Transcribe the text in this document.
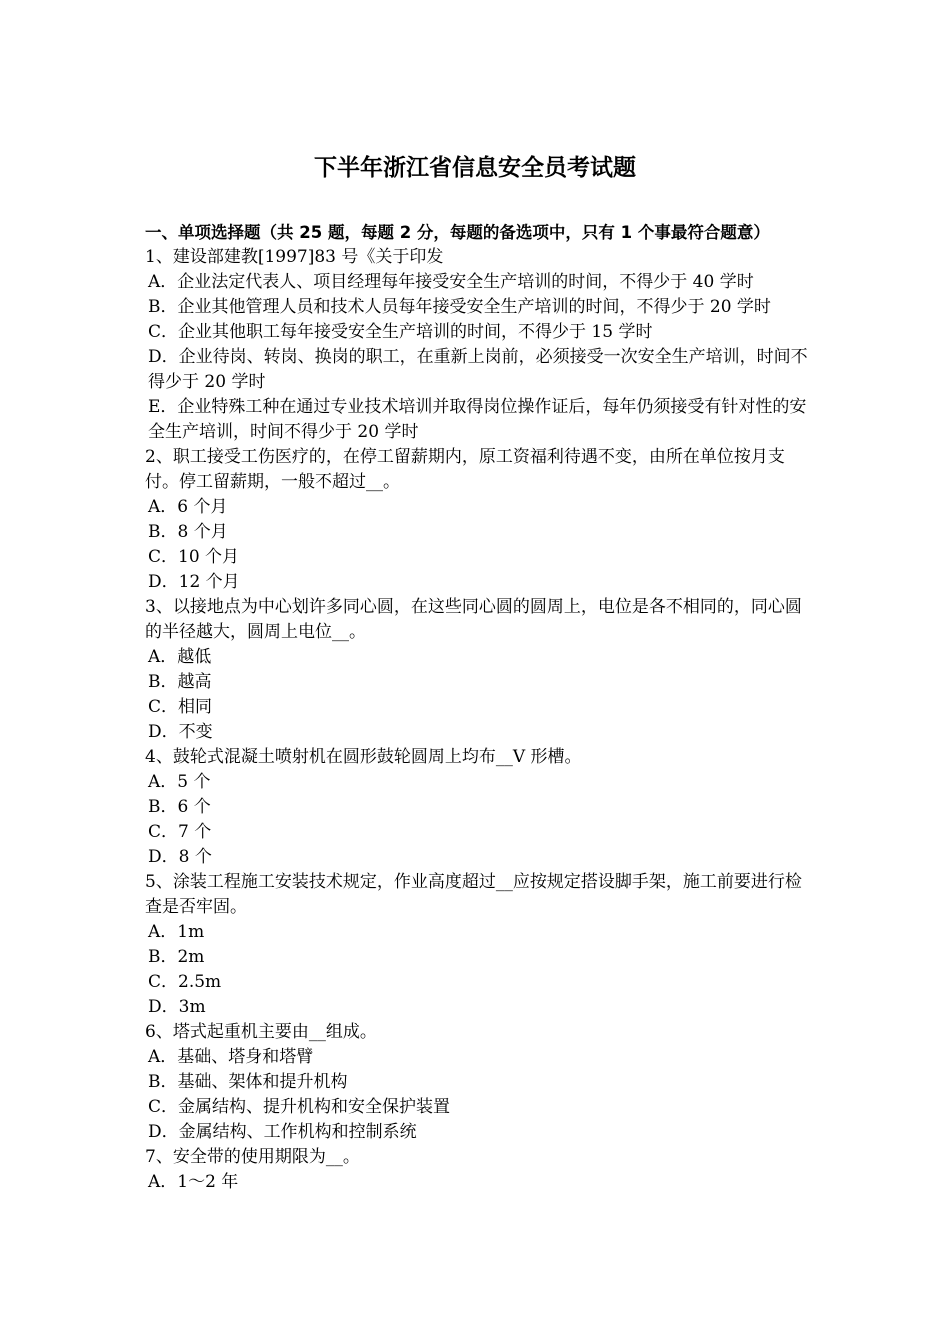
下半年浙江省信息安全员考试题
一、单项选择题（共 25 题，每题 2 分，每题的备选项中，只有 1 个事最符合题意）

1、建设部建教[1997]83 号《关于印发

A．企业法定代表人、项目经理每年接受安全生产培训的时间，不得少于 40 学时

B．企业其他管理人员和技术人员每年接受安全生产培训的时间，不得少于 20 学时

C．企业其他职工每年接受安全生产培训的时间，不得少于 15 学时

D．企业待岗、转岗、换岗的职工，在重新上岗前，必须接受一次安全生产培训，时间不得少于 20 学时

E．企业特殊工种在通过专业技术培训并取得岗位操作证后，每年仍须接受有针对性的安全生产培训，时间不得少于 20 学时

2、职工接受工伤医疗的，在停工留薪期内，原工资福利待遇不变，由所在单位按月支付。停工留薪期，一般不超过__。

A．6 个月

B．8 个月

C．10 个月

D．12 个月

3、以接地点为中心划许多同心圆，在这些同心圆的圆周上，电位是各不相同的，同心圆的半径越大，圆周上电位__。

A．越低

B．越高

C．相同

D．不变

4、鼓轮式混凝土喷射机在圆形鼓轮圆周上均布__V 形槽。

A．5 个

B．6 个

C．7 个

D．8 个

5、涂装工程施工安装技术规定，作业高度超过__应按规定搭设脚手架，施工前要进行检查是否牢固。

A．1m

B．2m

C．2.5m

D．3m

6、塔式起重机主要由__组成。

A．基础、塔身和塔臂

B．基础、架体和提升机构

C．金属结构、提升机构和安全保护装置

D．金属结构、工作机构和控制系统

7、安全带的使用期限为__。

A．1～2 年
